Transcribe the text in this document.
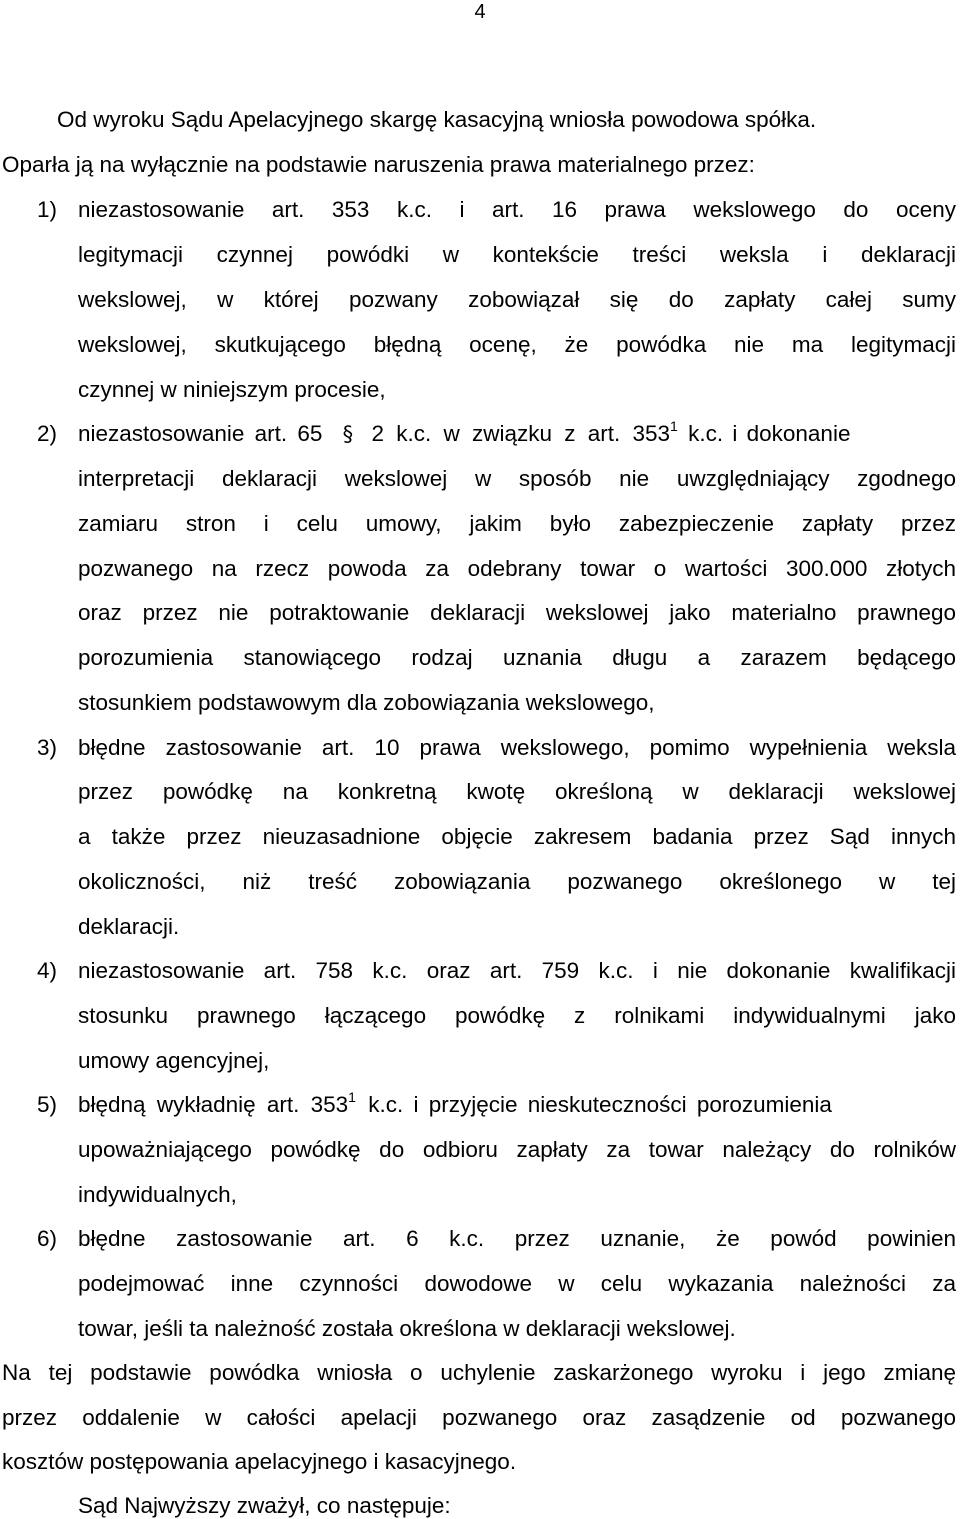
4
Od wyroku Sądu Apelacyjnego skargę kasacyjną wniosła powodowa spółka.
Oparła ją na wyłącznie na podstawie naruszenia prawa materialnego przez:
1) niezastosowanie art. 353 k.c. i art. 16 prawa wekslowego do oceny
legitymacji czynnej powódki w kontekście treści weksla i deklaracji
wekslowej, w której pozwany zobowiązał się do zapłaty całej sumy
wekslowej, skutkującego błędną ocenę, że powódka nie ma legitymacji
czynnej w niniejszym procesie,
2) niezastosowanie art. 65 § 2 k.c. w związku z art. $353^1$ k.c. i dokonanie
interpretacji deklaracji wekslowej w sposób nie uwzględniający zgodnego
zamiaru stron i celu umowy, jakim było zabezpieczenie zapłaty przez
pozwanego na rzecz powoda za odebrany towar o wartości 300.000 złotych
oraz przez nie potraktowanie deklaracji wekslowej jako materialno prawnego
porozumienia stanowiącego rodzaj uznania długu a zarazem będącego
stosunkiem podstawowym dla zobowiązania wekslowego,
3) błędne zastosowanie art. 10 prawa wekslowego, pomimo wypełnienia weksla
przez powódkę na konkretną kwotę określoną w deklaracji wekslowej
a także przez nieuzasadnione objęcie zakresem badania przez Sąd innych
okoliczności, niż treść zobowiązania pozwanego określonego w tej
deklaracji.
4) niezastosowanie art. 758 k.c. oraz art. 759 k.c. i nie dokonanie kwalifikacji
stosunku prawnego łączącego powódkę z rolnikami indywidualnymi jako
umowy agencyjnej,
5) błędną wykładnię art. $353^1$ k.c. i przyjęcie nieskuteczności porozumienia
upoważniającego powódkę do odbioru zapłaty za towar należący do rolników
indywidualnych,
6) błędne zastosowanie art. 6 k.c. przez uznanie, że powód powinien
podejmować inne czynności dowodowe w celu wykazania należności za
towar, jeśli ta należność została określona w deklaracji wekslowej.
Na tej podstawie powódka wniosła o uchylenie zaskarżonego wyroku i jego zmianę
przez oddalenie w całości apelacji pozwanego oraz zasądzenie od pozwanego
kosztów postępowania apelacyjnego i kasacyjnego.
Sąd Najwyższy zważył, co następuje:
